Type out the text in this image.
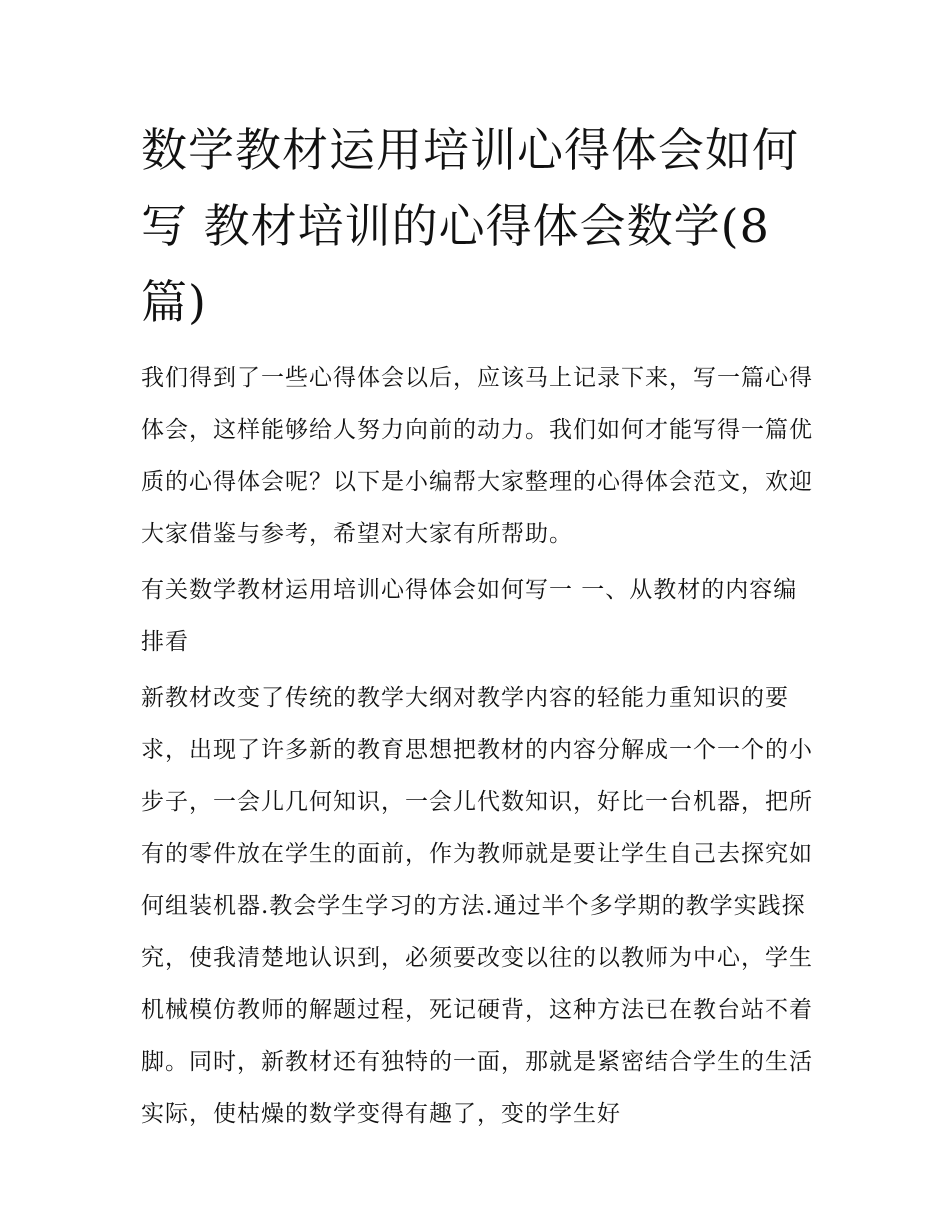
数学教材运用培训心得体会如何写 教材培训的心得体会数学(8篇)

我们得到了一些心得体会以后，应该马上记录下来，写一篇心得体会，这样能够给人努力向前的动力。我们如何才能写得一篇优质的心得体会呢？以下是小编帮大家整理的心得体会范文，欢迎大家借鉴与参考，希望对大家有所帮助。

有关数学教材运用培训心得体会如何写一 一、从教材的内容编排看

新教材改变了传统的教学大纲对教学内容的轻能力重知识的要求，出现了许多新的教育思想把教材的内容分解成一个一个的小步子，一会儿几何知识，一会儿代数知识，好比一台机器，把所有的零件放在学生的面前，作为教师就是要让学生自己去探究如何组装机器.教会学生学习的方法.通过半个多学期的教学实践探究，使我清楚地认识到，必须要改变以往的以教师为中心，学生机械模仿教师的解题过程，死记硬背，这种方法已在教台站不着脚。同时，新教材还有独特的一面，那就是紧密结合学生的生活实际，使枯燥的数学变得有趣了，变的学生好
